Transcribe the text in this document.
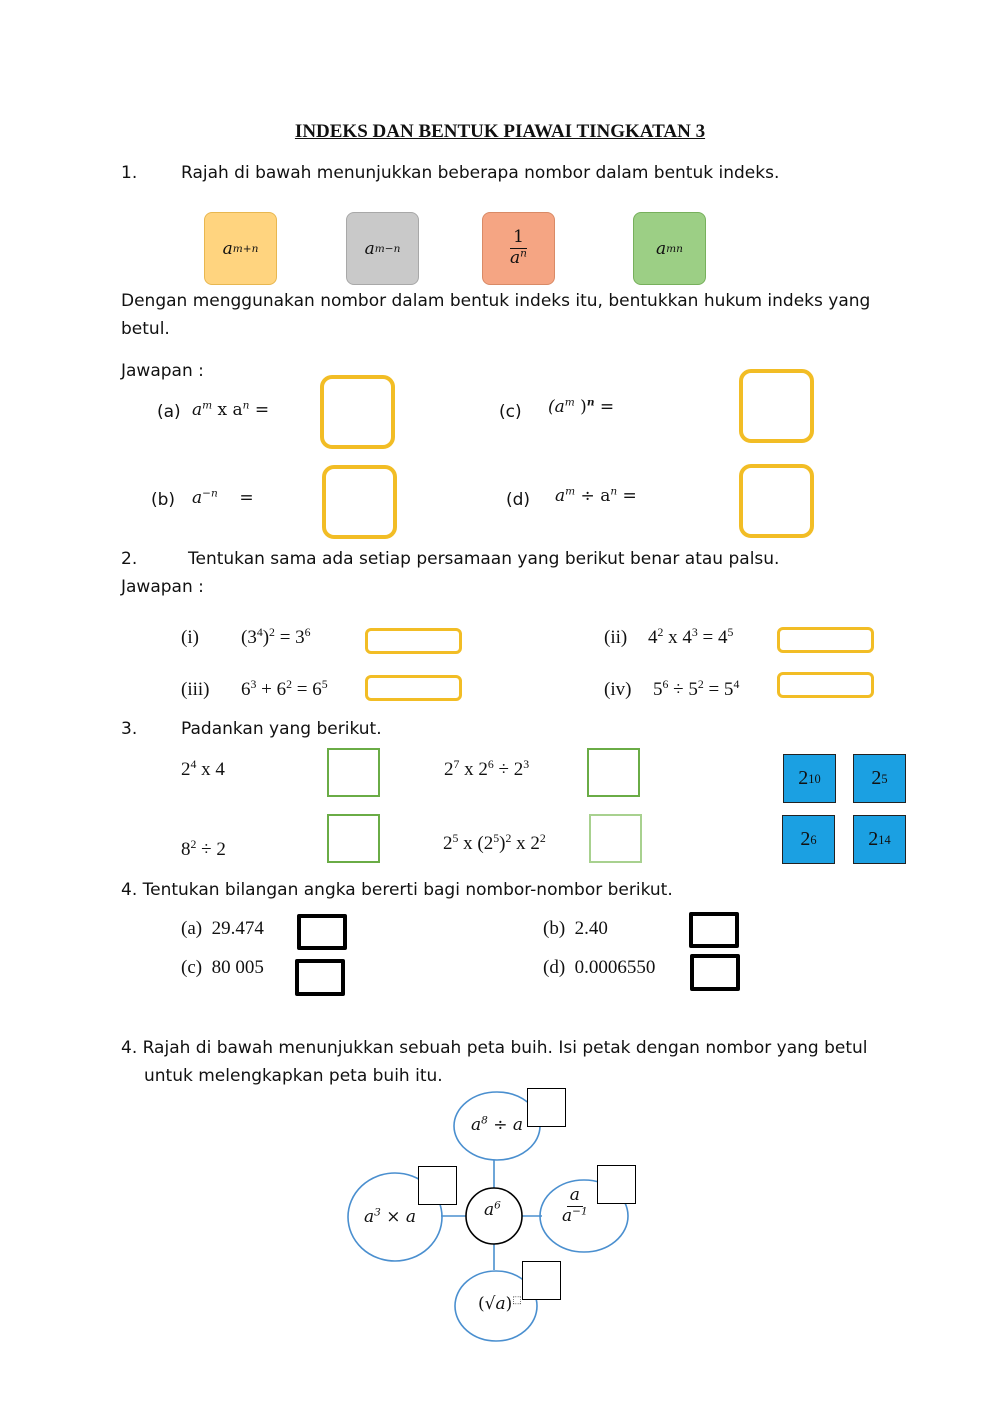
INDEKS DAN BENTUK PIAWAI TINGKATAN 3
1.	Rajah di bawah menunjukkan beberapa nombor dalam bentuk indeks.
a m+n	a m−n	$\frac{1}{a^n}$	a mn
Dengan menggunakan nombor dalam bentuk indeks itu, bentukkan hukum indeks yang
betul.
Jawapan :
(a) $a^m$ x $a^n$ =	(c) ($a^m$ )$^n$ =
(b) $a^{-n}$    =	(d) $a^m \div a^n$ =
2.	Tentukan sama ada setiap persamaan yang berikut benar atau palsu.
Jawapan :
(i) $(3^4)^2 = 3^6$	(ii) $4^2$ x $4^3 = 4^5$
(iii) $6^3 + 6^2 = 6^5$	(iv) $5^6 \div 5^2 = 5^4$
3.	Padankan yang berikut.
$2^4$ x 4	$2^7$ x $2^6 \div 2^3$
$8^2 \div 2$	$2^5$ x $(2^5)^2$ x $2^2$
2 10	2 5
2 6	2 14
4. Tentukan bilangan angka bererti bagi nombor-nombor berikut.
(a) 29.474	(b) 2.40
(c) 80 005	(d) 0.0006550
4. Rajah di bawah menunjukkan sebuah peta buih. Isi petak dengan nombor yang betul
untuk melengkapkan peta buih itu.
$a^8 \div a$
$a^3 \times a$	$a^6$	$\frac{a}{a^{-1}}$
(√a)⬚
